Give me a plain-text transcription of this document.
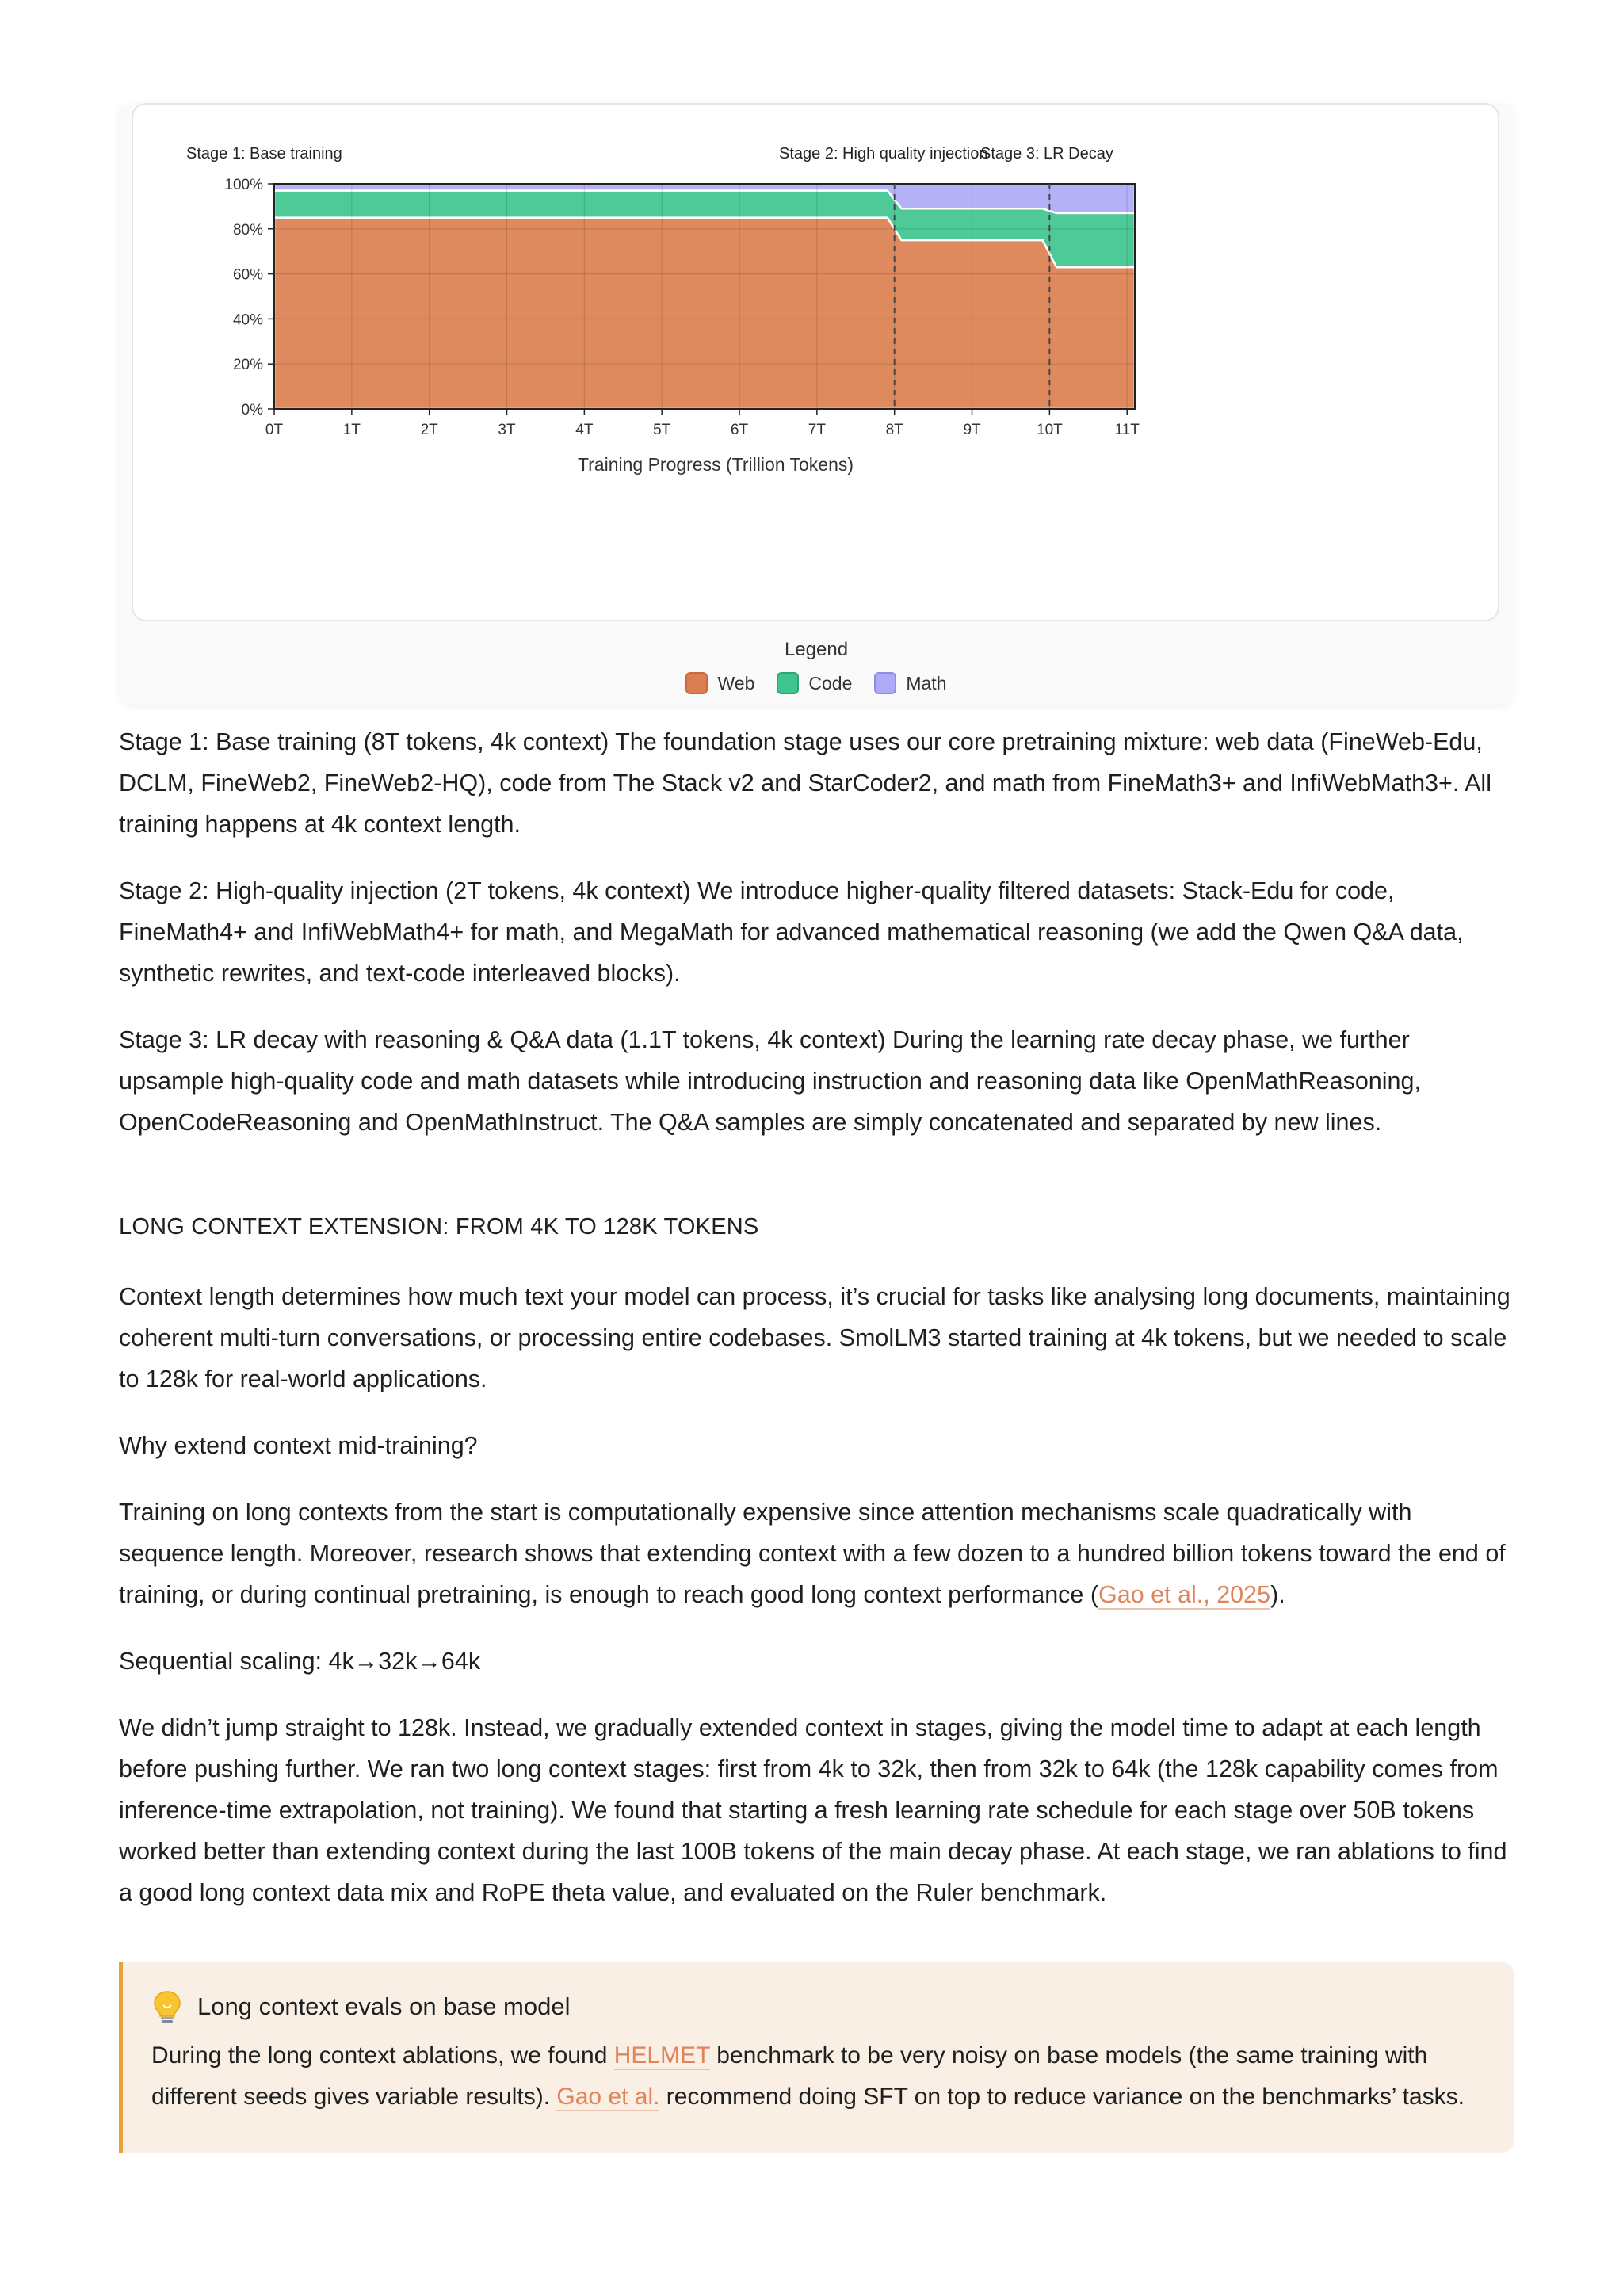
0T	1T	2T	3T	4T	5T	6T	7T	8T	9T	10T	11T
0%
20%
40%
60%
80%
100%
Training Progress (Trillion Tokens)
Stage 1: Base training	Stage 2: High quality injection
Stage 3: LR Decay
Legend
Web	Code	Math

Stage 1: Base training (8T tokens, 4k context) The foundation stage uses our core pretraining mixture: web data (FineWeb-Edu, DCLM, FineWeb2, FineWeb2-HQ), code from The Stack v2 and StarCoder2, and math from FineMath3+ and InfiWebMath3+. All training happens at 4k context length.

Stage 2: High-quality injection (2T tokens, 4k context) We introduce higher-quality filtered datasets: Stack-Edu for code, FineMath4+ and InfiWebMath4+ for math, and MegaMath for advanced mathematical reasoning (we add the Qwen Q&A data, synthetic rewrites, and text-code interleaved blocks).

Stage 3: LR decay with reasoning & Q&A data (1.1T tokens, 4k context) During the learning rate decay phase, we further upsample high-quality code and math datasets while introducing instruction and reasoning data like OpenMathReasoning, OpenCodeReasoning and OpenMathInstruct. The Q&A samples are simply concatenated and separated by new lines.

LONG CONTEXT EXTENSION: FROM 4K TO 128K TOKENS

Context length determines how much text your model can process, it’s crucial for tasks like analysing long documents, maintaining coherent multi-turn conversations, or processing entire codebases. SmolLM3 started training at 4k tokens, but we needed to scale to 128k for real-world applications.

Why extend context mid-training?

Training on long contexts from the start is computationally expensive since attention mechanisms scale quadratically with sequence length. Moreover, research shows that extending context with a few dozen to a hundred billion tokens toward the end of training, or during continual pretraining, is enough to reach good long context performance (Gao et al., 2025).

Sequential scaling: 4k→32k→64k

We didn’t jump straight to 128k. Instead, we gradually extended context in stages, giving the model time to adapt at each length before pushing further. We ran two long context stages: first from 4k to 32k, then from 32k to 64k (the 128k capability comes from inference-time extrapolation, not training). We found that starting a fresh learning rate schedule for each stage over 50B tokens worked better than extending context during the last 100B tokens of the main decay phase. At each stage, we ran ablations to find a good long context data mix and RoPE theta value, and evaluated on the Ruler benchmark.

Long context evals on base model

During the long context ablations, we found HELMET benchmark to be very noisy on base models (the same training with different seeds gives variable results). Gao et al. recommend doing SFT on top to reduce variance on the benchmarks’ tasks.
